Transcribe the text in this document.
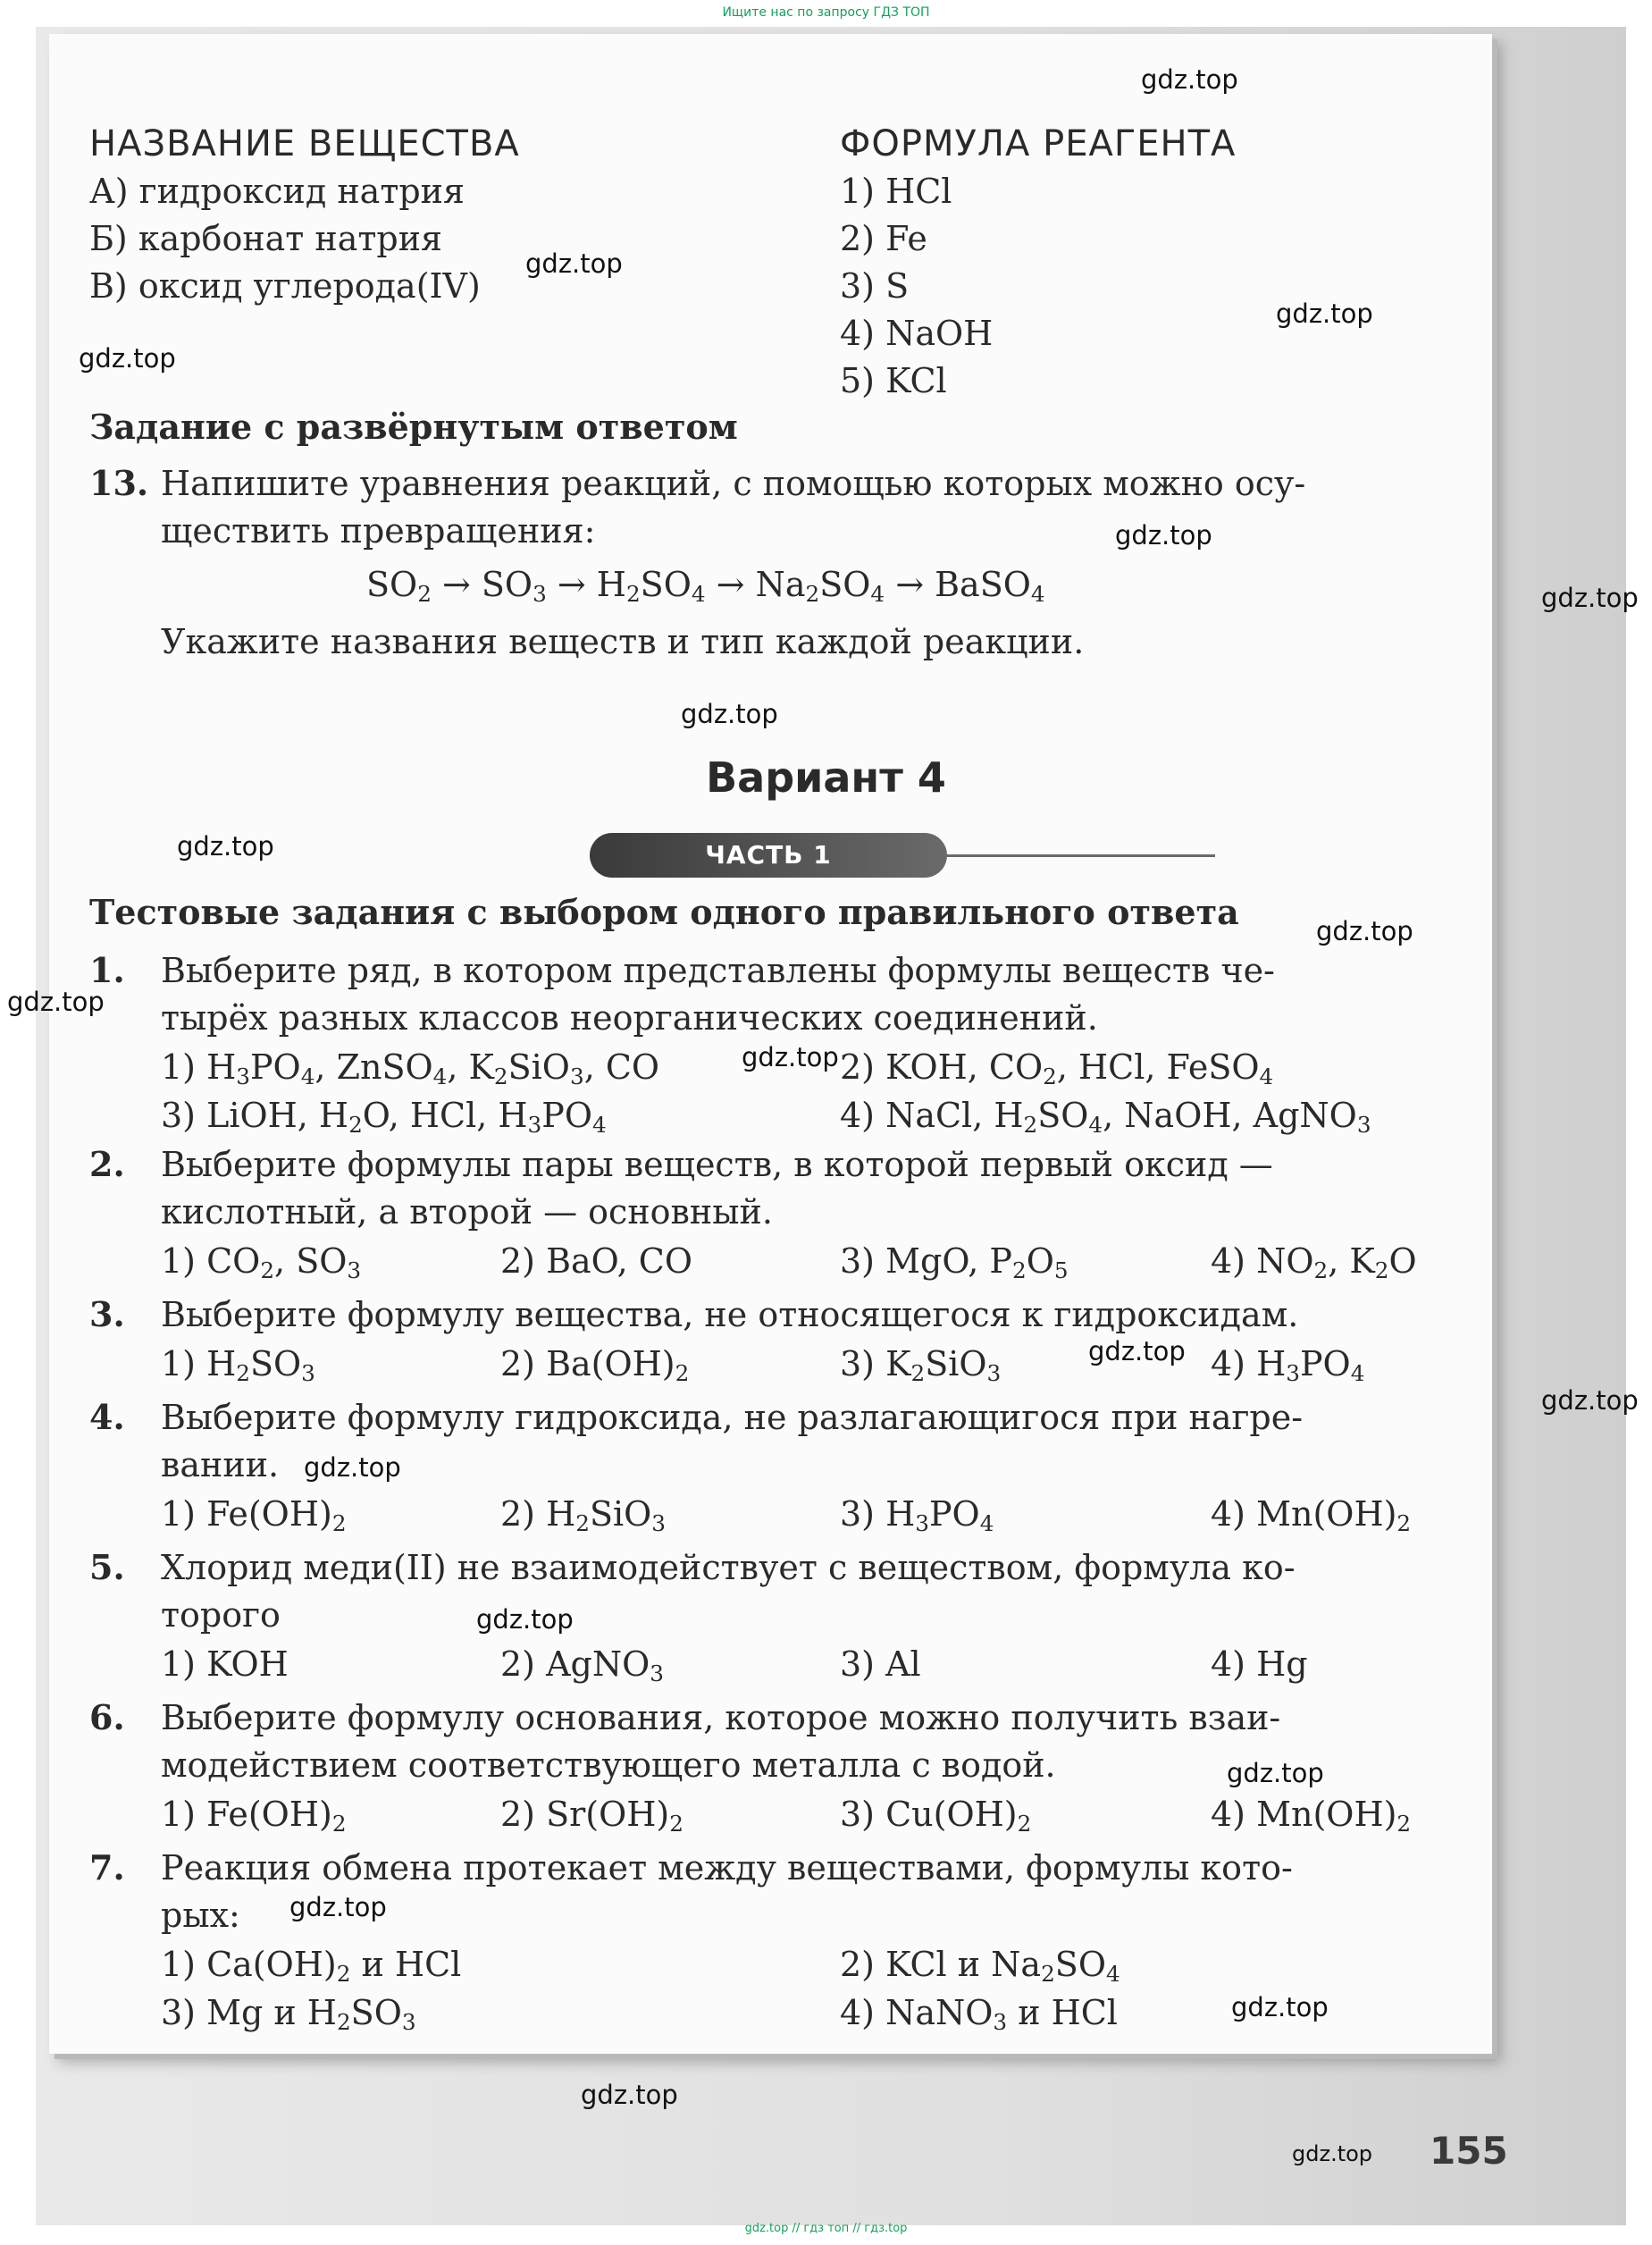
Ищите нас по запросу ГДЗ ТОП
НАЗВАНИЕ ВЕЩЕСТВА	ФОРМУЛА РЕАГЕНТА
А) гидроксид натрия
Б) карбонат натрия
В) оксид углерода(IV)
1) HCl
2) Fe
3) S
4) NaOH
5) KCl
Задание с развёрнутым ответом
13. Напишите уравнения реакций, с помощью которых можно осу-
ществить превращения:
$SO_2 \to SO_3 \to H_2SO_4 \to Na_2SO_4$ → BaSO$_4$
Укажите названия веществ и тип каждой реакции.
Вариант 4
ЧАСТЬ 1
Тестовые задания с выбором одного правильного ответа
1. Выберите ряд, в котором представлены формулы веществ че-
тырёх разных классов неорганических соединений.
1) $H_3PO_4$, ZnSO$_4$, $K_2SiO_3$, CO	2) KOH, $CO_2$, HCl, FeSO$_4$
3) LiOH, $H_2O$, HCl, $H_3PO_4$	4) NaCl, $H_2SO_4$, NaOH, AgNO$_3$
2. Выберите формулы пары веществ, в которой первый оксид —
кислотный, а второй — основный.
1) $CO_2$, $SO_3$	2) BaO, CO	3) MgO, $P_2O_5$	4) $NO_2$, $K_2O$
3. Выберите формулу вещества, не относящегося к гидроксидам.
1) $H_2SO_3$	2) $Ba(OH)_2$	3) $K_2SiO_3$	4) $H_3PO_4$
4. Выберите формулу гидроксида, не разлагающигося при нагре-
вании.
1) $Fe(OH)_2$	2) $H_2SiO_3$	3) $H_3PO_4$	4) $Mn(OH)_2$
5. Хлорид меди(II) не взаимодействует с веществом, формула ко-
торого
1) KOH	2) AgNO$_3$	3) Al	4) Hg
6. Выберите формулу основания, которое можно получить взаи-
модействием соответствующего металла с водой.
1) $Fe(OH)_2$	2) $Sr(OH)_2$	3) $Cu(OH)_2$	4) $Mn(OH)_2$
7. Реакция обмена протекает между веществами, формулы кото-
рых:
1) $Ca(OH)_2$ и HCl	2) KCl и $Na_2SO_4$
3) Mg и $H_2SO_3$	4) NaNO$_3$ и HCl
gdz.top
gdz.top
gdz.top
gdz.top
gdz.top
gdz.top
gdz.top
gdz.top
gdz.top
gdz.top
gdz.top
gdz.top
gdz.top
gdz.top
gdz.top
gdz.top
gdz.top
gdz.top
gdz.top
gdz.top 155
gdz.top // гдз топ // гдз.top
